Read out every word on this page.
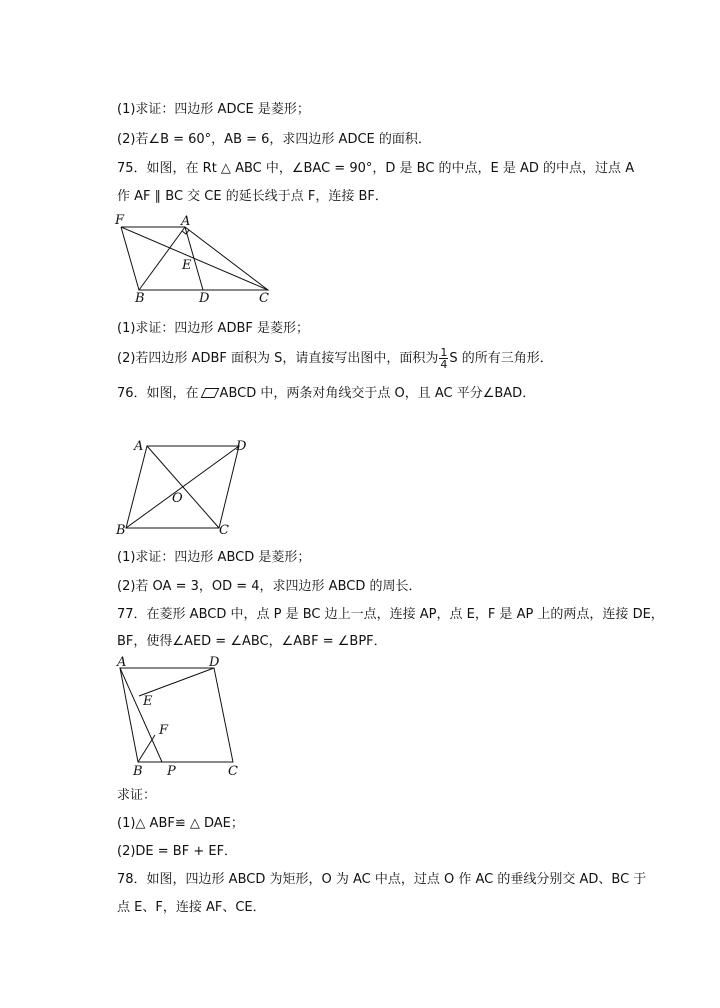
(1)求证：四边形 ADCE 是菱形；
(2)若∠B = 60°，AB = 6，求四边形 ADCE 的面积．
75．如图，在 Rt △ ABC 中，∠BAC = 90°，D 是 BC 的中点，E 是 AD 的中点，过点 A
作 AF ∥ BC 交 CE 的延长线于点 F，连接 BF．
F	A
E
B	D	C
(1)求证：四边形 ADBF 是菱形；
(2)若四边形 ADBF 面积为 S，请直接写出图中，面积为 $\frac{1}{4}$ S 的所有三角形．
76．如图，在 ABCD 中，两条对角线交于点 O，且 AC 平分∠BAD．
A	D
O
B	C
(1)求证：四边形 ABCD 是菱形；
(2)若 OA = 3，OD = 4，求四边形 ABCD 的周长．
77．在菱形 ABCD 中，点 P 是 BC 边上一点，连接 AP，点 E，F 是 AP 上的两点，连接 DE，
BF，使得∠AED = ∠ABC，∠ABF = ∠BPF．
A	D
E
F
B P	C
求证：
(1)△ ABF≌ △ DAE；
(2)DE = BF + EF．
78．如图，四边形 ABCD 为矩形，O 为 AC 中点，过点 O 作 AC 的垂线分别交 AD、BC 于
点 E、F，连接 AF、CE．
